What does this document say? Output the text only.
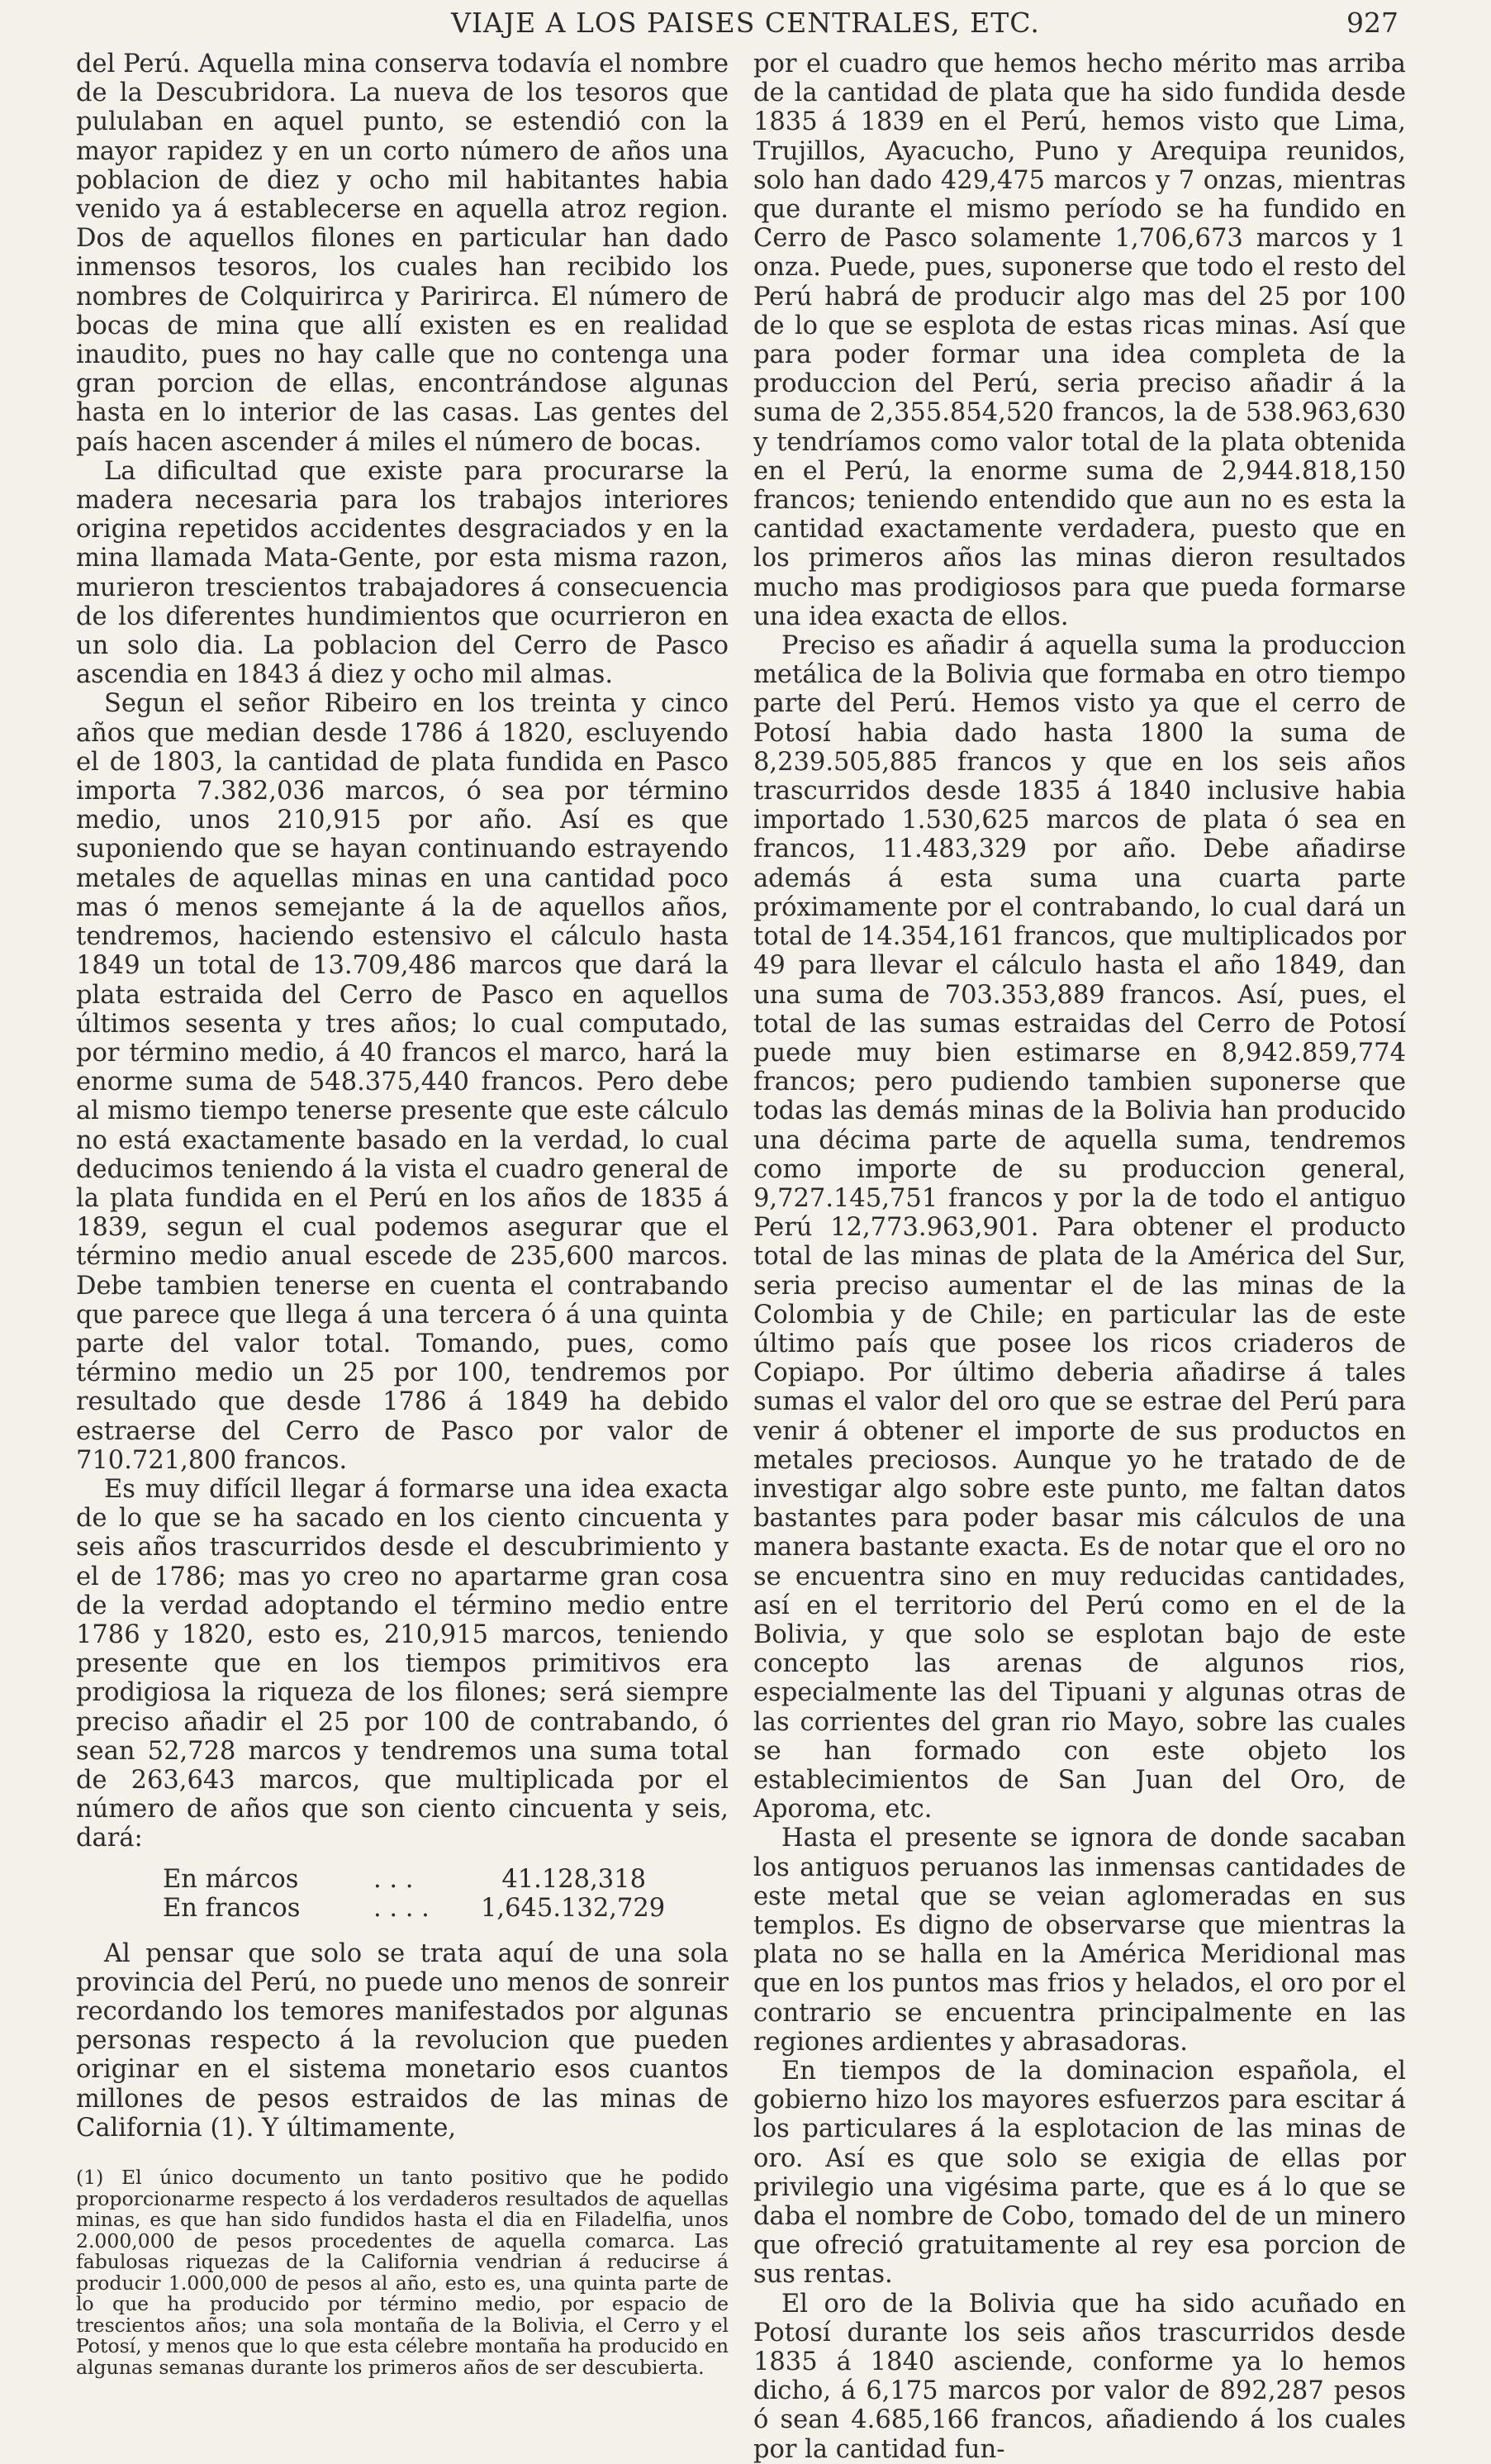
VIAJE A LOS PAISES CENTRALES, ETC.	927

del Perú. Aquella mina conserva todavía el nombre de la Descubridora. La nueva de los tesoros que pululaban en aquel punto, se estendió con la mayor rapidez y en un corto número de años una poblacion de diez y ocho mil habitantes habia venido ya á establecerse en aquella atroz region. Dos de aquellos filones en particular han dado inmensos tesoros, los cuales han recibido los nombres de Colquirirca y Paririrca. El número de bocas de mina que allí existen es en realidad inaudito, pues no hay calle que no contenga una gran porcion de ellas, encontrándose algunas hasta en lo interior de las casas. Las gentes del país hacen ascender á miles el número de bocas.

La dificultad que existe para procurarse la madera necesaria para los trabajos interiores origina repetidos accidentes desgraciados y en la mina llamada Mata-Gente, por esta misma razon, murieron trescientos trabajadores á consecuencia de los diferentes hundimientos que ocurrieron en un solo dia. La poblacion del Cerro de Pasco ascendia en 1843 á diez y ocho mil almas.

Segun el señor Ribeiro en los treinta y cinco años que median desde 1786 á 1820, escluyendo el de 1803, la cantidad de plata fundida en Pasco importa 7.382,036 marcos, ó sea por término medio, unos 210,915 por año. Así es que suponiendo que se hayan continuando estrayendo metales de aquellas minas en una cantidad poco mas ó menos semejante á la de aquellos años, tendremos, haciendo estensivo el cálculo hasta 1849 un total de 13.709,486 marcos que dará la plata estraida del Cerro de Pasco en aquellos últimos sesenta y tres años; lo cual computado, por término medio, á 40 francos el marco, hará la enorme suma de 548.375,440 francos. Pero debe al mismo tiempo tenerse presente que este cálculo no está exactamente basado en la verdad, lo cual deducimos teniendo á la vista el cuadro general de la plata fundida en el Perú en los años de 1835 á 1839, segun el cual podemos asegurar que el término medio anual escede de 235,600 marcos. Debe tambien tenerse en cuenta el contrabando que parece que llega á una tercera ó á una quinta parte del valor total. Tomando, pues, como término medio un 25 por 100, tendremos por resultado que desde 1786 á 1849 ha debido estraerse del Cerro de Pasco por valor de 710.721,800 francos.

Es muy difícil llegar á formarse una idea exacta de lo que se ha sacado en los ciento cincuenta y seis años trascurridos desde el descubrimiento y el de 1786; mas yo creo no apartarme gran cosa de la verdad adoptando el término medio entre 1786 y 1820, esto es, 210,915 marcos, teniendo presente que en los tiempos primitivos era prodigiosa la riqueza de los filones; será siempre preciso añadir el 25 por 100 de contrabando, ó sean 52,728 marcos y tendremos una suma total de 263,643 marcos, que multiplicada por el número de años que son ciento cincuenta y seis, dará:

En márcos	. . .	41.128,318
En francos	. . . .	1,645.132,729

Al pensar que solo se trata aquí de una sola provincia del Perú, no puede uno menos de sonreir recordando los temores manifestados por algunas personas respecto á la revolucion que pueden originar en el sistema monetario esos cuantos millones de pesos estraidos de las minas de California (1). Y últimamente,

(1) El único documento un tanto positivo que he podido proporcionarme respecto á los verdaderos resultados de aquellas minas, es que han sido fundidos hasta el dia en Filadelfia, unos 2.000,000 de pesos procedentes de aquella comarca. Las fabulosas riquezas de la California vendrian á reducirse á producir 1.000,000 de pesos al año, esto es, una quinta parte de lo que ha producido por término medio, por espacio de trescientos años; una sola montaña de la Bolivia, el Cerro y el Potosí, y menos que lo que esta célebre montaña ha producido en algunas semanas durante los primeros años de ser descubierta.

por el cuadro que hemos hecho mérito mas arriba de la cantidad de plata que ha sido fundida desde 1835 á 1839 en el Perú, hemos visto que Lima, Trujillos, Ayacucho, Puno y Arequipa reunidos, solo han dado 429,475 marcos y 7 onzas, mientras que durante el mismo período se ha fundido en Cerro de Pasco solamente 1,706,673 marcos y 1 onza. Puede, pues, suponerse que todo el resto del Perú habrá de producir algo mas del 25 por 100 de lo que se esplota de estas ricas minas. Así que para poder formar una idea completa de la produccion del Perú, seria preciso añadir á la suma de 2,355.854,520 francos, la de 538.963,630 y tendríamos como valor total de la plata obtenida en el Perú, la enorme suma de 2,944.818,150 francos; teniendo entendido que aun no es esta la cantidad exactamente verdadera, puesto que en los primeros años las minas dieron resultados mucho mas prodigiosos para que pueda formarse una idea exacta de ellos.

Preciso es añadir á aquella suma la produccion metálica de la Bolivia que formaba en otro tiempo parte del Perú. Hemos visto ya que el cerro de Potosí habia dado hasta 1800 la suma de 8,239.505,885 francos y que en los seis años trascurridos desde 1835 á 1840 inclusive habia importado 1.530,625 marcos de plata ó sea en francos, 11.483,329 por año. Debe añadirse además á esta suma una cuarta parte próximamente por el contrabando, lo cual dará un total de 14.354,161 francos, que multiplicados por 49 para llevar el cálculo hasta el año 1849, dan una suma de 703.353,889 francos. Así, pues, el total de las sumas estraidas del Cerro de Potosí puede muy bien estimarse en 8,942.859,774 francos; pero pudiendo tambien suponerse que todas las demás minas de la Bolivia han producido una décima parte de aquella suma, tendremos como importe de su produccion general, 9,727.145,751 francos y por la de todo el antiguo Perú 12,773.963,901. Para obtener el producto total de las minas de plata de la América del Sur, seria preciso aumentar el de las minas de la Colombia y de Chile; en particular las de este último país que posee los ricos criaderos de Copiapo. Por último deberia añadirse á tales sumas el valor del oro que se estrae del Perú para venir á obtener el importe de sus productos en metales preciosos. Aunque yo he tratado de de investigar algo sobre este punto, me faltan datos bastantes para poder basar mis cálculos de una manera bastante exacta. Es de notar que el oro no se encuentra sino en muy reducidas cantidades, así en el territorio del Perú como en el de la Bolivia, y que solo se esplotan bajo de este concepto las arenas de algunos rios, especialmente las del Tipuani y algunas otras de las corrientes del gran rio Mayo, sobre las cuales se han formado con este objeto los establecimientos de San Juan del Oro, de Aporoma, etc.

Hasta el presente se ignora de donde sacaban los antiguos peruanos las inmensas cantidades de este metal que se veian aglomeradas en sus templos. Es digno de observarse que mientras la plata no se halla en la América Meridional mas que en los puntos mas frios y helados, el oro por el contrario se encuentra principalmente en las regiones ardientes y abrasadoras.

En tiempos de la dominacion española, el gobierno hizo los mayores esfuerzos para escitar á los particulares á la esplotacion de las minas de oro. Así es que solo se exigia de ellas por privilegio una vigésima parte, que es á lo que se daba el nombre de Cobo, tomado del de un minero que ofreció gratuitamente al rey esa porcion de sus rentas.

El oro de la Bolivia que ha sido acuñado en Potosí durante los seis años trascurridos desde 1835 á 1840 asciende, conforme ya lo hemos dicho, á 6,175 marcos por valor de 892,287 pesos ó sean 4.685,166 francos, añadiendo á los cuales por la cantidad fun-
